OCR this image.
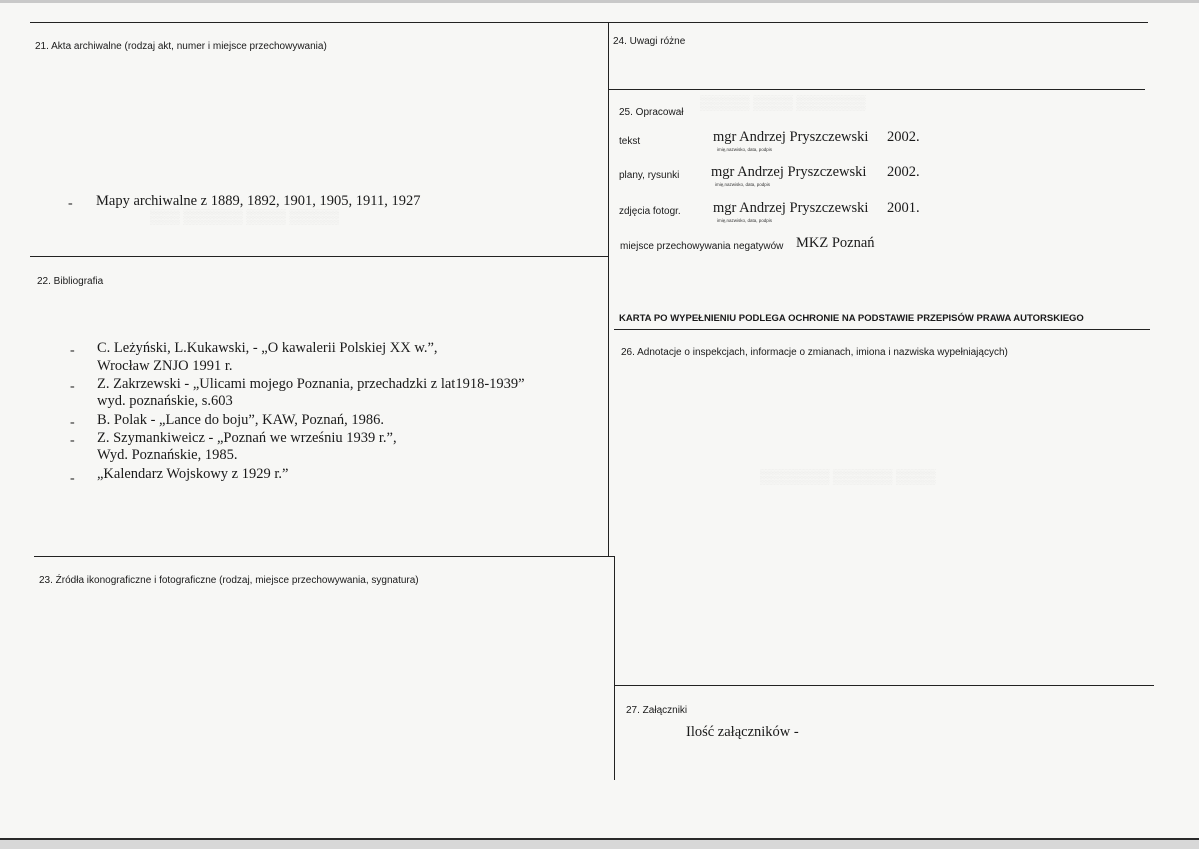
▒▒▒▒▒ ▒▒▒▒ ▒▒▒▒▒▒▒
▒▒▒▒▒▒▒ ▒▒▒▒▒▒ ▒▒▒▒
▒▒▒ ▒▒▒▒▒▒ ▒▒▒▒ ▒▒▒▒▒
21. Akta archiwalne (rodzaj akt, numer i miejsce przechowywania)
- Mapy archiwalne z 1889, 1892, 1901, 1905, 1911, 1927
22. Bibliografia
- C. Leżyński, L.Kukawski, - „O kawalerii Polskiej XX w.”,
Wrocław ZNJO 1991 r.
- Z. Zakrzewski - „Ulicami mojego Poznania, przechadzki z lat1918-1939”
wyd. poznańskie, s.603
- B. Polak - „Lance do boju”, KAW, Poznań, 1986.
- Z. Szymankiweicz - „Poznań we wrześniu 1939 r.”,
Wyd. Poznańskie, 1985.
- „Kalendarz Wojskowy z 1929 r.”
23. Źródła ikonograficzne i fotograficzne (rodzaj, miejsce przechowywania, sygnatura)
24. Uwagi różne
25. Opracował
tekst	mgr Andrzej Pryszczewski 2002.
imię,nazwisko, data, podpis
plany, rysunki mgr Andrzej Pryszczewski 2002.
imię,nazwisko, data, podpis
zdjęcia fotogr. mgr Andrzej Pryszczewski 2001.
imię,nazwisko, data, podpis
miejsce przechowywania negatywów MKZ Poznań
KARTA PO WYPEŁNIENIU PODLEGA OCHRONIE NA PODSTAWIE PRZEPISÓW PRAWA AUTORSKIEGO
26. Adnotacje o inspekcjach, informacje o zmianach, imiona i nazwiska wypełniających)
27. Załączniki
Ilość załączników -
